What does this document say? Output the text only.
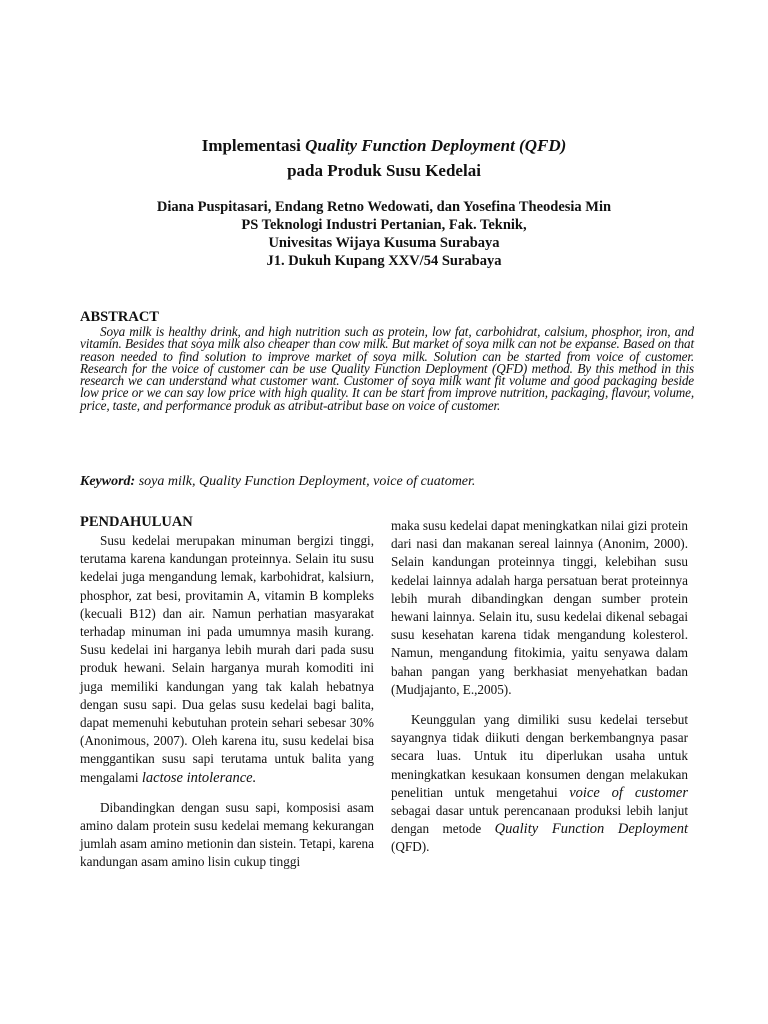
Implementasi Quality Function Deployment (QFD)
pada Produk Susu Kedelai
Diana Puspitasari, Endang Retno Wedowati, dan Yosefina Theodesia Min
PS Teknologi Industri Pertanian, Fak. Teknik,
Univesitas Wijaya Kusuma Surabaya
J1. Dukuh Kupang XXV/54 Surabaya
ABSTRACT

Soya milk is healthy drink, and high nutrition such as protein, low fat, carbohidrat, calsium, phosphor, iron, and vitamin. Besides that soya milk also cheaper than cow milk. But market of soya milk can not be expanse. Based on that reason needed to find solution to improve market of soya milk. Solution can be started from voice of customer. Research for the voice of customer can be use Quality Function Deployment (QFD) method. By this method in this research we can understand what customer want. Customer of soya milk want fit volume and good packaging beside low price or we can say low price with high quality. It can be start from improve nutrition, packaging, flavour, volume, price, taste, and performance produk as atribut-atribut base on voice of customer.

Keyword: soya milk, Quality Function Deployment, voice of cuatomer.
PENDAHULUAN

Susu kedelai merupakan minuman bergizi tinggi, terutama karena kandungan proteinnya. Selain itu susu kedelai juga mengandung lemak, karbohidrat, kalsiurn, phosphor, zat besi, provitamin A, vitamin B kompleks (kecuali B12) dan air. Namun perhatian masyarakat terhadap minuman ini pada umumnya masih kurang. Susu kedelai ini harganya lebih murah dari pada susu produk hewani. Selain harganya murah komoditi ini juga memiliki kandungan yang tak kalah hebatnya dengan susu sapi. Dua gelas susu kedelai bagi balita, dapat memenuhi kebutuhan protein sehari sebesar 30% (Anonimous, 2007). Oleh karena itu, susu kedelai bisa menggantikan susu sapi terutama untuk balita yang mengalami lactose intolerance.

Dibandingkan dengan susu sapi, komposisi asam amino dalam protein susu kedelai memang kekurangan jumlah asam amino metionin dan sistein. Tetapi, karena kandungan asam amino lisin cukup tinggi

maka susu kedelai dapat meningkatkan nilai gizi protein dari nasi dan makanan sereal lainnya (Anonim, 2000). Selain kandungan proteinnya tinggi, kelebihan susu kedelai lainnya adalah harga persatuan berat proteinnya lebih murah dibandingkan dengan sumber protein hewani lainnya. Selain itu, susu kedelai dikenal sebagai susu kesehatan karena tidak mengandung kolesterol. Namun, mengandung fitokimia, yaitu senyawa dalam bahan pangan yang berkhasiat menyehatkan badan (Mudjajanto, E.,2005).

Keunggulan yang dimiliki susu kedelai tersebut sayangnya tidak diikuti dengan berkembangnya pasar secara luas. Untuk itu diperlukan usaha untuk meningkatkan kesukaan konsumen dengan melakukan penelitian untuk mengetahui voice of customer sebagai dasar untuk perencanaan produksi lebih lanjut dengan metode Quality Function Deployment (QFD).
